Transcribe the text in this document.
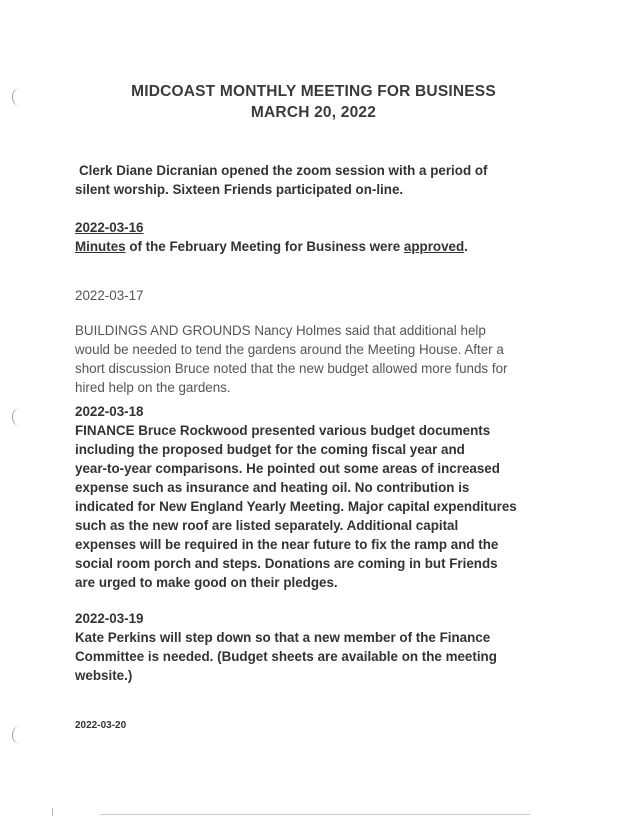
MIDCOAST MONTHLY MEETING FOR BUSINESS
MARCH 20, 2022
Clerk Diane Dicranian opened the zoom session with a period of
silent worship. Sixteen Friends participated on-line.
2022-03-16
Minutes of the February Meeting for Business were approved.
2022-03-17
BUILDINGS AND GROUNDS Nancy Holmes said that additional help
would be needed to tend the gardens around the Meeting House. After a
short discussion Bruce noted that the new budget allowed more funds for
hired help on the gardens.
2022-03-18
FINANCE Bruce Rockwood presented various budget documents
including the proposed budget for the coming fiscal year and
year-to-year comparisons. He pointed out some areas of increased
expense such as insurance and heating oil. No contribution is
indicated for New England Yearly Meeting. Major capital expenditures
such as the new roof are listed separately. Additional capital
expenses will be required in the near future to fix the ramp and the
social room porch and steps. Donations are coming in but Friends
are urged to make good on their pledges.
2022-03-19
Kate Perkins will step down so that a new member of the Finance
Committee is needed. (Budget sheets are available on the meeting
website.)
2022-03-20
